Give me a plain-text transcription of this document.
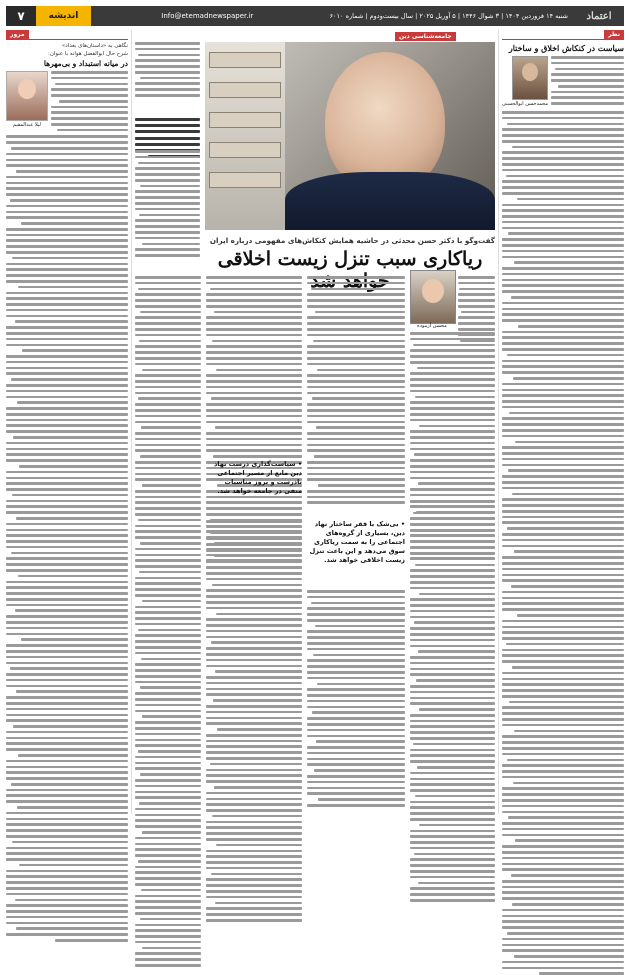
اعتماد
شنبه ۱۴ فروردین ۱۴۰۴ | ۳ شوال ۱۴۴۶ | ۵ آوریل ۲۰۲۵ | سال بیست‌ودوم | شماره ۶۰۱۰
Info@etemadnewspaper.ir
اندیشه
۷
نظر
سیاست در کنکاش اخلاق و ساختار
محمدحسن ابوالحسنی
جامعه‌شناسی دین
گفت‌وگو با دکتر حسن محدثی در حاشیه همایش کنکاش‌های مفهومی درباره ایران
ریاکاری سبب تنزل زیست اخلاقی
محسن آزموده
• بی‌شک با فقر ساختار نهاد دین، بسیاری از گروه‌های اجتماعی را به سمت ریاکاری سوق می‌دهد و این باعث تنزل زیست اخلاقی خواهد شد.
• سیاست‌گذاری درست نهاد دین مانع از مسیر اجتماعی نادرست و بروز مناسبات منفی در جامعه خواهد شد.
مرور
نگاهی به «داستان‌های بغداد»
شرح حال ابوالفضل هوانه با عنوان:
در میانه استبداد و بی‌مهرها
لیلا عبدالمقیم
